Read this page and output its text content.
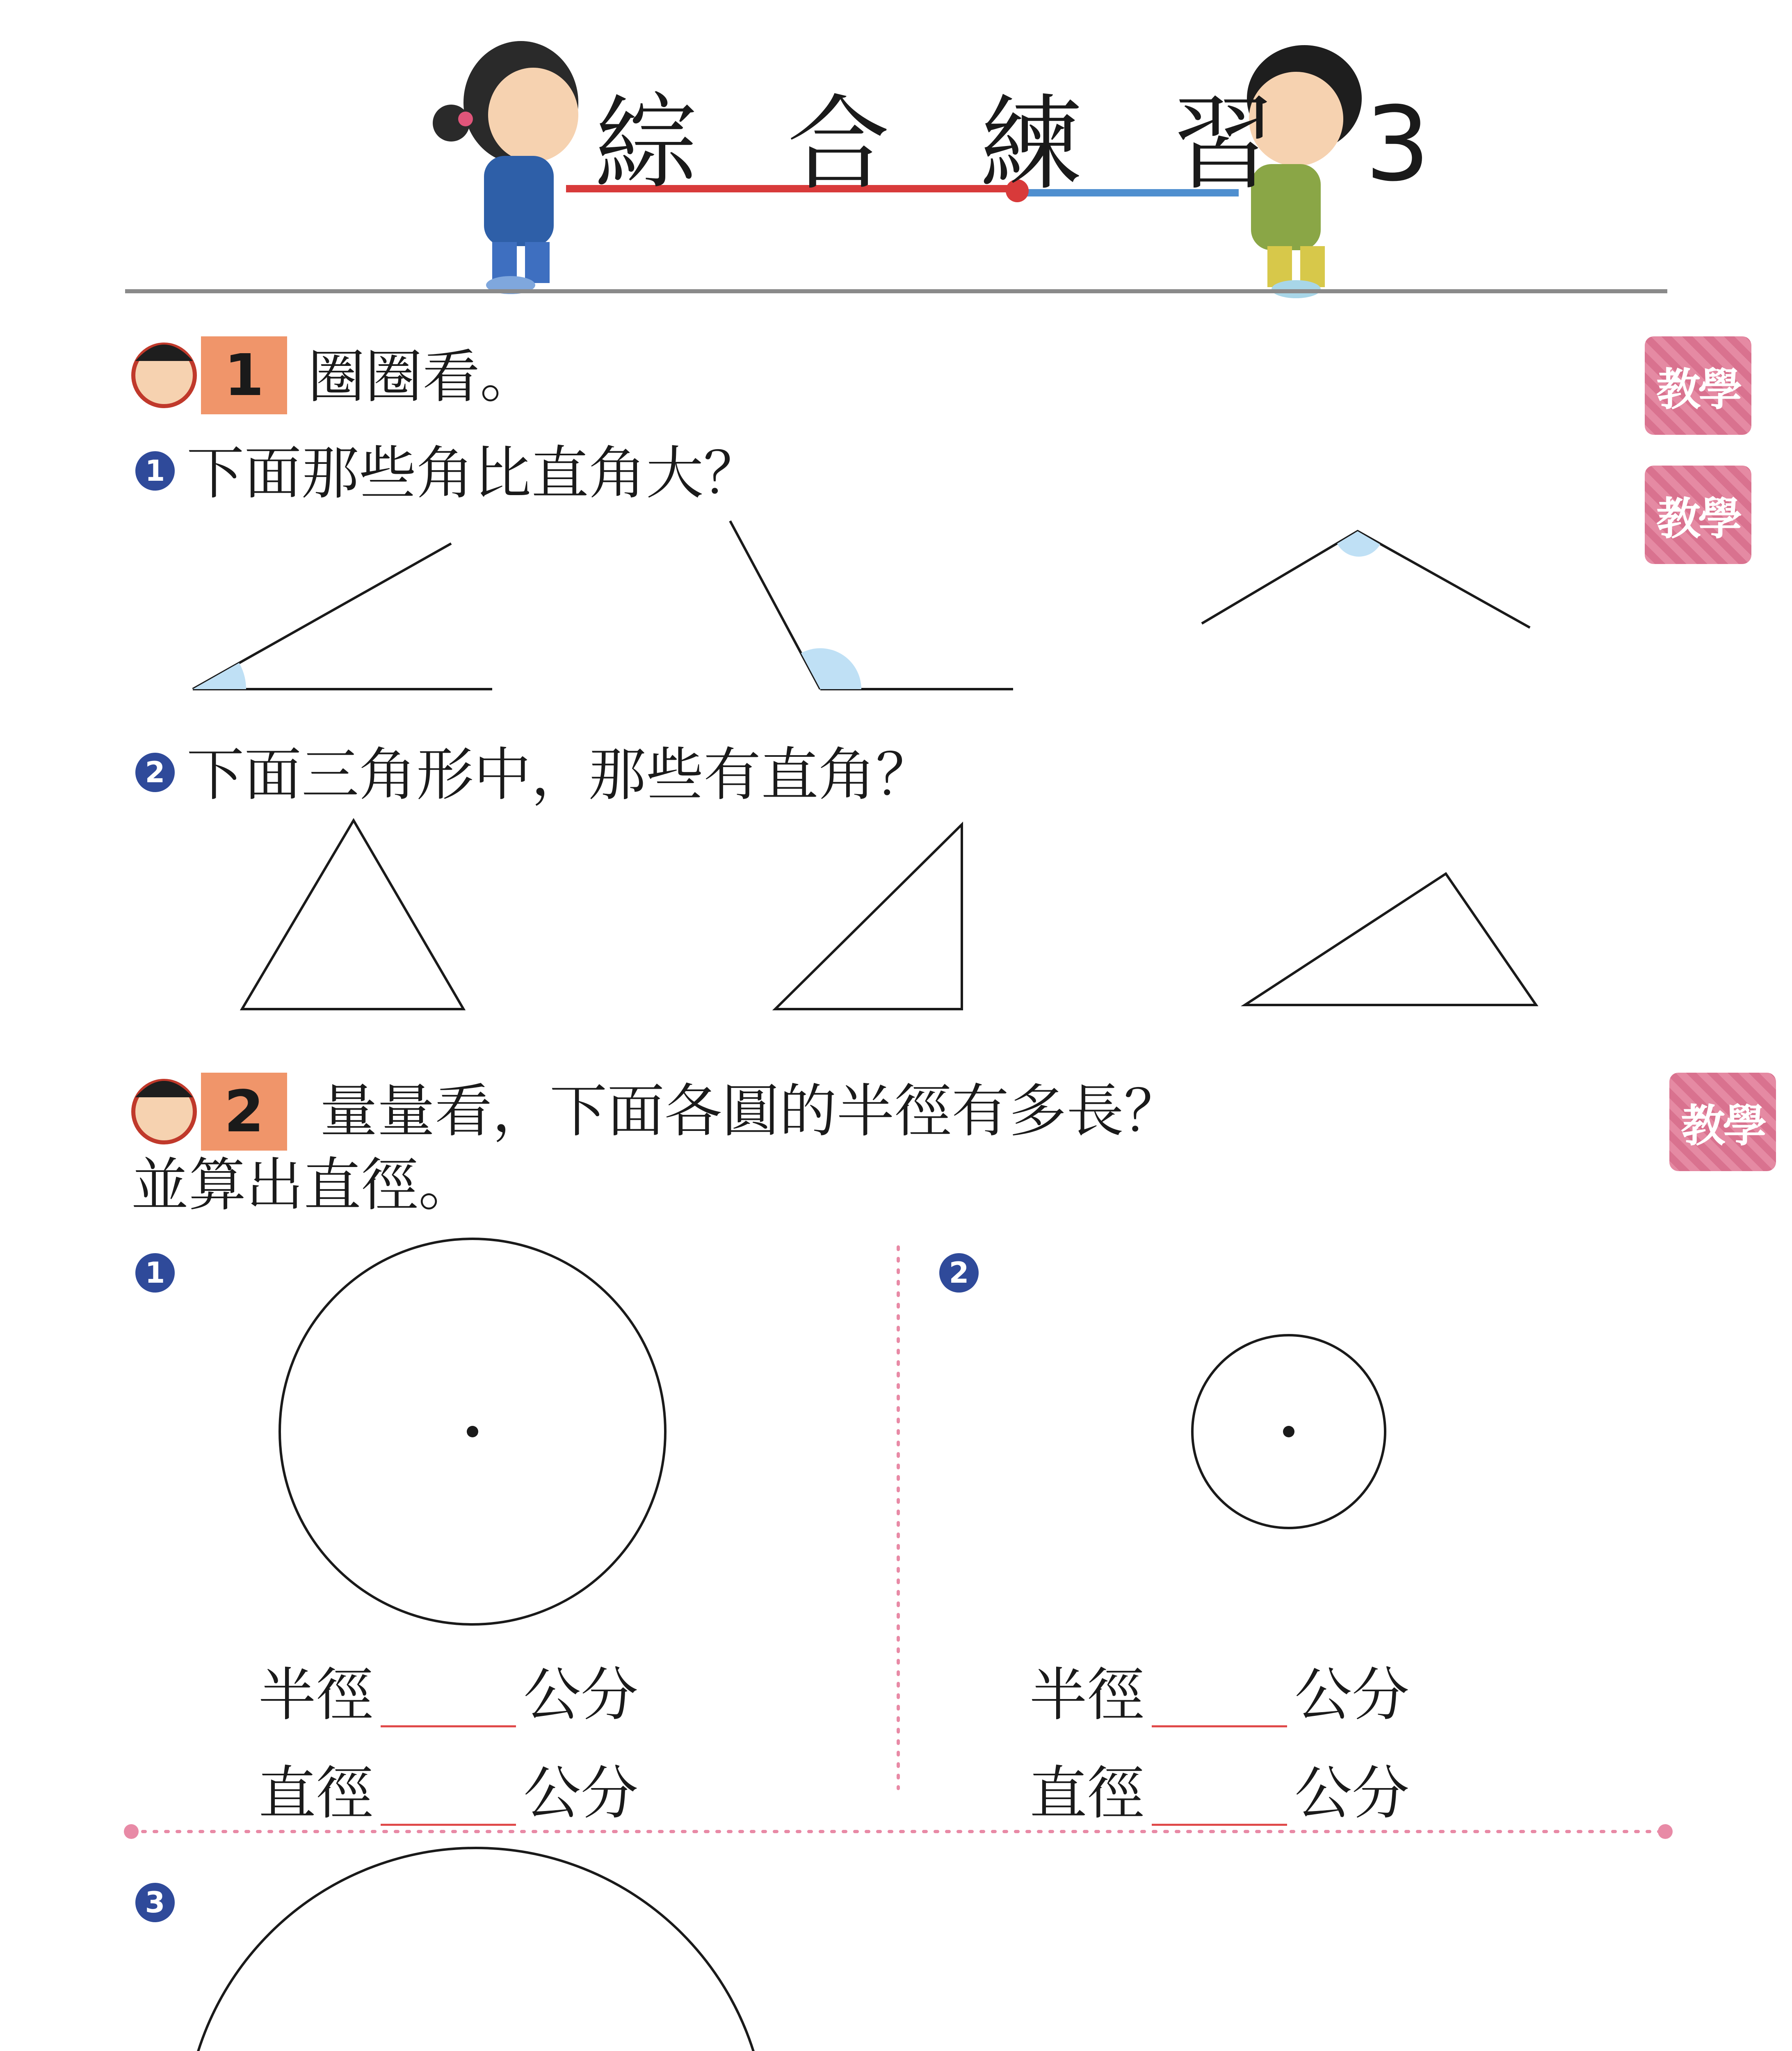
綜 合 練 習 3
1 圈圈看。
1 下面那些角比直角大？
2 下面三角形中，那些有直角？
2 量量看，下面各圓的半徑有多長？
並算出直徑。
1
半徑	公分
直徑	公分
2
半徑	公分
直徑	公分
3
教學
教學
教學
